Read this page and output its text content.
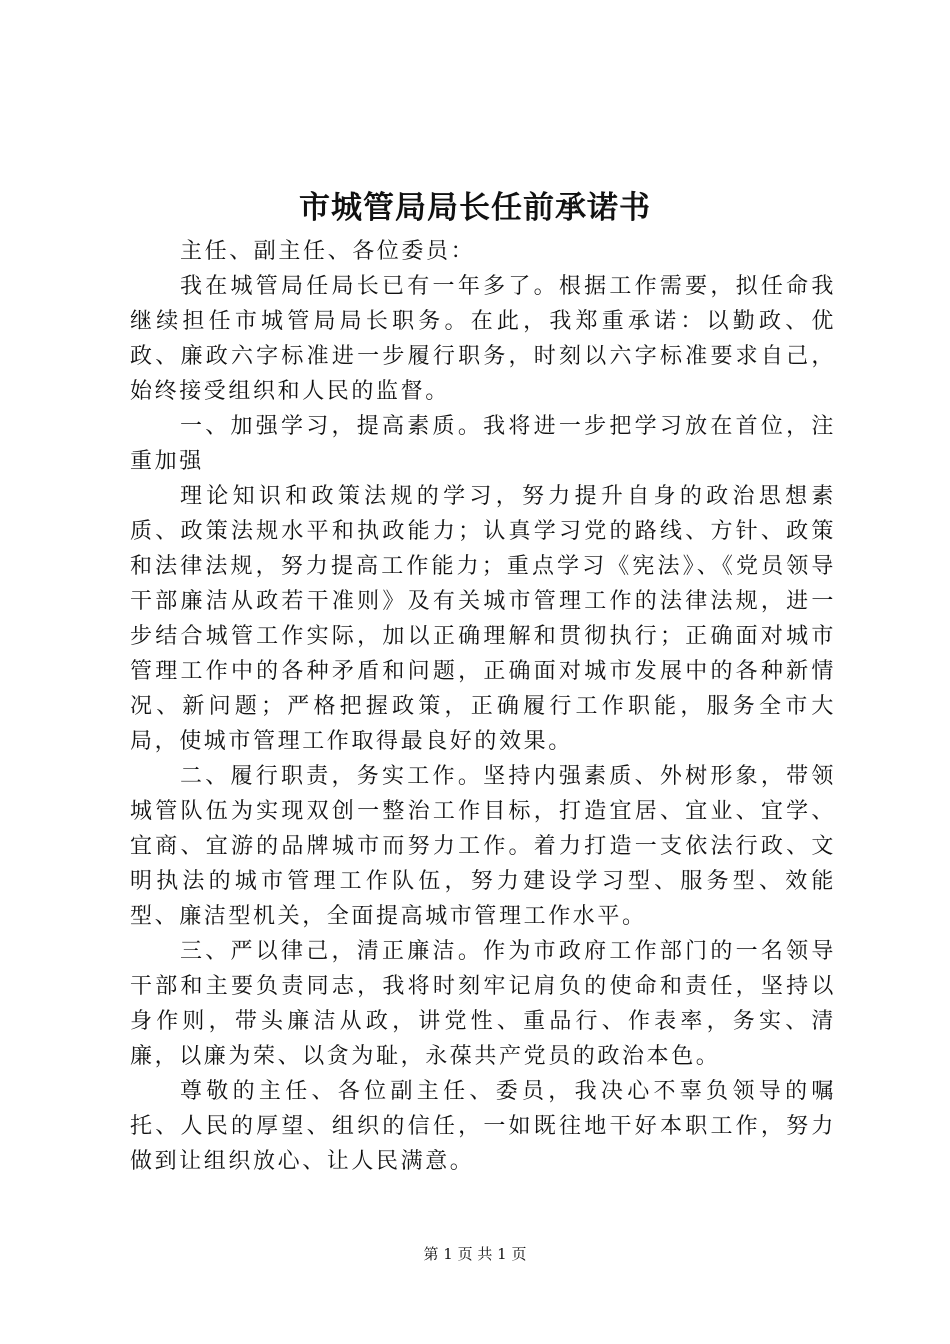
市城管局局长任前承诺书

主任、副主任、各位委员：

我在城管局任局长已有一年多了。根据工作需要，拟任命我继续担任市城管局局长职务。在此，我郑重承诺：以勤政、优政、廉政六字标准进一步履行职务，时刻以六字标准要求自己，始终接受组织和人民的监督。

一、加强学习，提高素质。我将进一步把学习放在首位，注重加强

理论知识和政策法规的学习，努力提升自身的政治思想素质、政策法规水平和执政能力；认真学习党的路线、方针、政策和法律法规，努力提高工作能力；重点学习《宪法》、《党员领导干部廉洁从政若干准则》及有关城市管理工作的法律法规，进一步结合城管工作实际，加以正确理解和贯彻执行；正确面对城市管理工作中的各种矛盾和问题，正确面对城市发展中的各种新情况、新问题；严格把握政策，正确履行工作职能，服务全市大局，使城市管理工作取得最良好的效果。

二、履行职责，务实工作。坚持内强素质、外树形象，带领城管队伍为实现双创一整治工作目标，打造宜居、宜业、宜学、宜商、宜游的品牌城市而努力工作。着力打造一支依法行政、文明执法的城市管理工作队伍，努力建设学习型、服务型、效能型、廉洁型机关，全面提高城市管理工作水平。

三、严以律己，清正廉洁。作为市政府工作部门的一名领导干部和主要负责同志，我将时刻牢记肩负的使命和责任，坚持以身作则，带头廉洁从政，讲党性、重品行、作表率，务实、清廉，以廉为荣、以贪为耻，永葆共产党员的政治本色。

尊敬的主任、各位副主任、委员，我决心不辜负领导的嘱托、人民的厚望、组织的信任，一如既往地干好本职工作，努力做到让组织放心、让人民满意。

第 1 页 共 1 页
